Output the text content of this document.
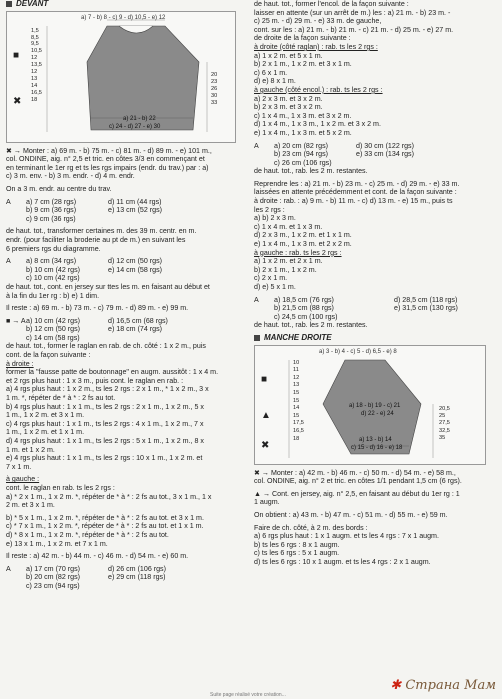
DEVANT
a) 7 - b) 8 - c) 9 - d) 10,5 - e) 12
■
✖
1,5
8,5
9,5
10,5
12
13,5
12
13
14
16,5
18
20
23
26
30
33
a) 21 - b) 22
c) 24 - d) 27 - e) 30

✖ → Monter : a) 69 m. - b) 75 m. - c) 81 m. - d) 89 m. - e) 101 m.,

col. ONDINE, aig. n° 2,5 et tric. en côtes 3/3 en commençant et

en terminant le 1er rg et ts les rgs impairs (endr. du trav.) par : a)

c) 3 m. env. - b) 3 m. endr. - d) 4 m. endr.

On a 3 m. endr. au centre du trav.

A	a) 7 cm (28 rgs)	d) 11 cm (44 rgs)
b) 9 cm (36 rgs)	e) 13 cm (52 rgs)
c) 9 cm (36 rgs)

de haut. tot., transformer certaines m. des 39 m. centr. en m.

endr. (pour faciliter la broderie au pt de m.) en suivant les

6 premiers rgs du diagramme.

A	a) 8 cm (34 rgs)	d) 12 cm (50 rgs)
b) 10 cm (42 rgs)	e) 14 cm (58 rgs)
c) 10 cm (42 rgs)

de haut. tot., cont. en jersey sur ttes les m. en faisant au début et

à la fin du 1er rg : b) e) 1 dim.

Il reste : a) 69 m. - b) 73 m. - c) 79 m. - d) 89 m. - e) 99 m.

■ → A a) 10 cm (42 rgs)	d) 16,5 cm (68 rgs)
b) 12 cm (50 rgs)	e) 18 cm (74 rgs)
c) 14 cm (58 rgs)

de haut. tot., former le raglan en rab. de ch. côté : 1 x 2 m., puis

cont. de la façon suivante :

à droite :

former la "fausse patte de boutonnage" en augm. aussitôt : 1 x 4 m.

et 2 rgs plus haut : 1 x 3 m., puis cont. le raglan en rab. :

a) 4 rgs plus haut : 1 x 2 m., ts les 2 rgs : 2 x 1 m., * 1 x 2 m., 3 x

1 m. *, répéter de * à * : 2 fs au tot.

b) 4 rgs plus haut : 1 x 1 m., ts les 2 rgs : 2 x 1 m., 1 x 2 m., 5 x

1 m., 1 x 2 m. et 3 x 1 m.

c) 4 rgs plus haut : 1 x 1 m., ts les 2 rgs : 4 x 1 m., 1 x 2 m., 7 x

1 m., 1 x 2 m. et 1 x 1 m.

d) 4 rgs plus haut : 1 x 1 m., ts les 2 rgs : 5 x 1 m., 1 x 2 m., 8 x

1 m. et 1 x 2 m.

e) 4 rgs plus haut : 1 x 1 m., ts les 2 rgs : 10 x 1 m., 1 x 2 m. et

7 x 1 m.

à gauche :

cont. le raglan en rab. ts les 2 rgs :

a) * 2 x 1 m., 1 x 2 m. *, répéter de * à * : 2 fs au tot., 3 x 1 m., 1 x

2 m. et 3 x 1 m.

b) * 5 x 1 m., 1 x 2 m. *, répéter de * à * : 2 fs au tot. et 3 x 1 m.

c) * 7 x 1 m., 1 x 2 m. *, répéter de * à * : 2 fs au tot. et 1 x 1 m.

d) * 8 x 1 m., 1 x 2 m. *, répéter de * à * : 2 fs au tot.

e) 13 x 1 m., 1 x 2 m. et 7 x 1 m.

Il reste : a) 42 m. - b) 44 m. - c) 46 m. - d) 54 m. - e) 60 m.

A	a) 17 cm (70 rgs)	d) 26 cm (106 rgs)
b) 20 cm (82 rgs)	e) 29 cm (118 rgs)
c) 23 cm (94 rgs)

de haut. tot., former l'encol. de la façon suivante :

laisser en attente (sur un arrêt de m.) les : a) 21 m. - b) 23 m. -

c) 25 m. - d) 29 m. - e) 33 m. de gauche,

cont. sur les : a) 21 m. - b) 21 m. - c) 21 m. - d) 25 m. - e) 27 m.

de droite de la façon suivante :

à droite (côté raglan) : rab. ts les 2 rgs :

a) 1 x 2 m. et 5 x 1 m.

b) 2 x 1 m., 1 x 2 m. et 3 x 1 m.

c) 6 x 1 m.

d) e) 8 x 1 m.

à gauche (côté encol.) : rab. ts les 2 rgs :

a) 2 x 3 m. et 3 x 2 m.

b) 2 x 3 m. et 3 x 2 m.

c) 1 x 4 m., 1 x 3 m. et 3 x 2 m.

d) 1 x 4 m., 1 x 3 m., 1 x 2 m. et 3 x 2 m.

e) 1 x 4 m., 1 x 3 m. et 5 x 2 m.

A	a) 20 cm (82 rgs)	d) 30 cm (122 rgs)
b) 23 cm (94 rgs)	e) 33 cm (134 rgs)
c) 26 cm (106 rgs)

de haut. tot., rab. les 2 m. restantes.

Reprendre les : a) 21 m. - b) 23 m. - c) 25 m. - d) 29 m. - e) 33 m.

laissées en attente précédemment et cont. de la façon suivante :

à droite : rab. : a) 9 m. - b) 11 m. - c) d) 13 m. - e) 15 m., puis ts

les 2 rgs :

a) b) 2 x 3 m.

c) 1 x 4 m. et 1 x 3 m.

d) 2 x 3 m., 1 x 2 m. et 1 x 1 m.

e) 1 x 4 m., 1 x 3 m. et 2 x 2 m.

à gauche : rab. ts les 2 rgs :

a) 1 x 2 m. et 2 x 1 m.

b) 2 x 1 m., 1 x 2 m.

c) 2 x 1 m.

d) e) 5 x 1 m.

A	a) 18,5 cm (76 rgs)	d) 28,5 cm (118 rgs)
b) 21,5 cm (88 rgs)	e) 31,5 cm (130 rgs)
c) 24,5 cm (100 rgs)

de haut. tot., rab. les 2 m. restantes.

MANCHE DROITE
a) 3 - b) 4 - c) 5 - d) 6,5 - e) 8
■
▲
✖
10
11
12
13
15
15
14
15
17,5
16,5
18
20,5
25
27,5
32,5
35
a) 18 - b) 19 - c) 21
d) 22 - e) 24
a) 13 - b) 14
c) 15 - d) 16 - e) 18

✖ → Monter : a) 42 m. - b) 46 m. - c) 50 m. - d) 54 m. - e) 58 m.,

col. ONDINE, aig. n° 2 et tric. en côtes 1/1 pendant 1,5 cm (6 rgs).

▲ → Cont. en jersey, aig. n° 2,5, en faisant au début du 1er rg : 1

1 augm.

On obtient : a) 43 m. - b) 47 m. - c) 51 m. - d) 55 m. - e) 59 m.

Faire de ch. côté, à 2 m. des bords :

a) 6 rgs plus haut : 1 x 1 augm. et ts les 4 rgs : 7 x 1 augm.

b) ts les 6 rgs : 8 x 1 augm.

c) ts les 6 rgs : 5 x 1 augm.

d) ts les 6 rgs : 10 x 1 augm. et ts les 4 rgs : 2 x 1 augm.

✱ Страна Мам
Suite page réalisé votre création...
